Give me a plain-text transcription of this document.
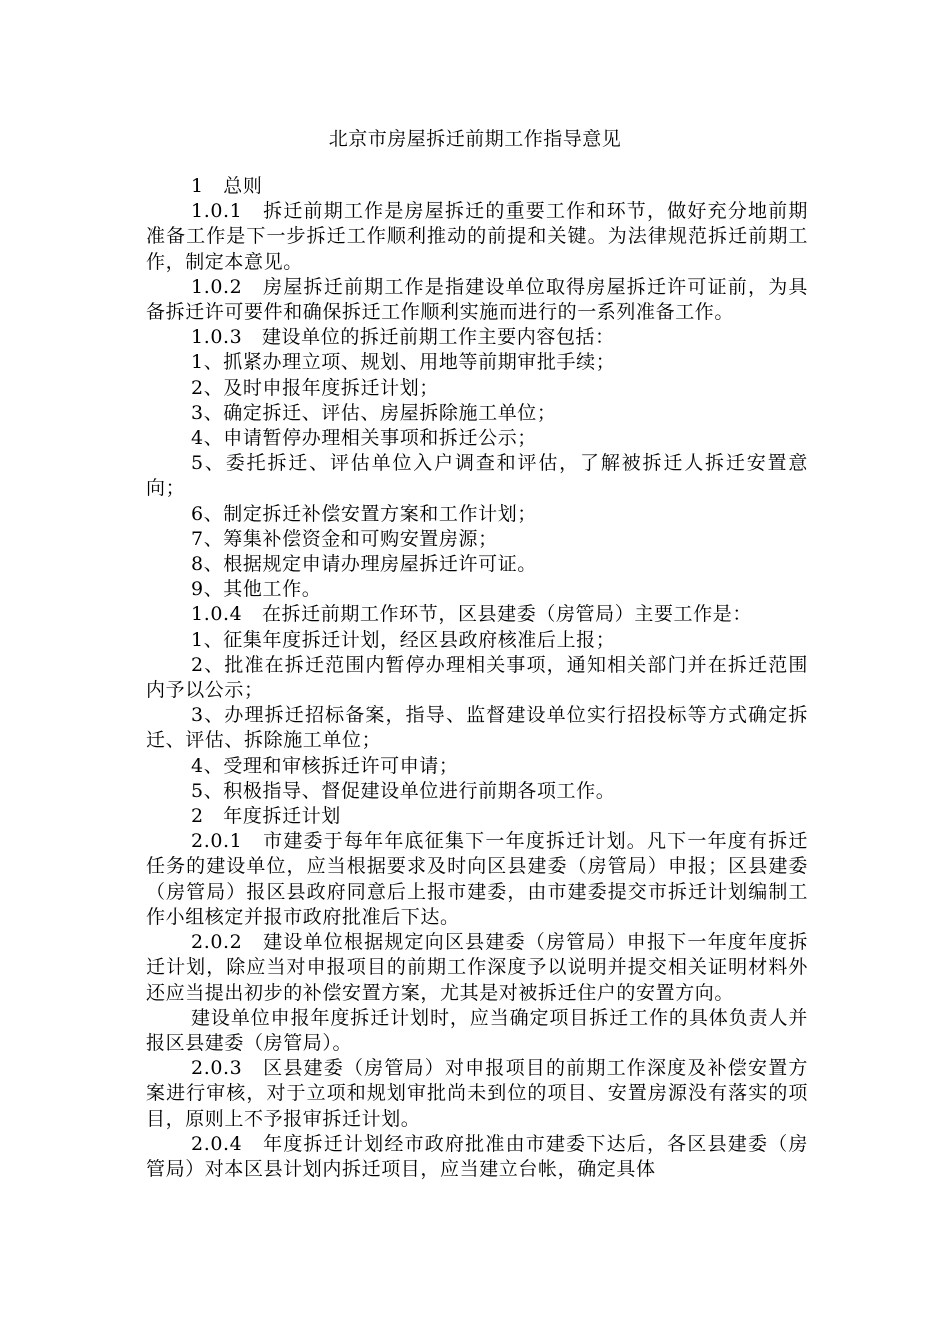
北京市房屋拆迁前期工作指导意见

1　总则

1.0.1　拆迁前期工作是房屋拆迁的重要工作和环节，做好充分地前期准备工作是下一步拆迁工作顺利推动的前提和关键。为法律规范拆迁前期工作，制定本意见。

1.0.2　房屋拆迁前期工作是指建设单位取得房屋拆迁许可证前，为具备拆迁许可要件和确保拆迁工作顺利实施而进行的一系列准备工作。

1.0.3　建设单位的拆迁前期工作主要内容包括：

1、抓紧办理立项、规划、用地等前期审批手续；

2、及时申报年度拆迁计划；

3、确定拆迁、评估、房屋拆除施工单位；

4、申请暂停办理相关事项和拆迁公示；

5、委托拆迁、评估单位入户调查和评估，了解被拆迁人拆迁安置意向；

6、制定拆迁补偿安置方案和工作计划；

7、筹集补偿资金和可购安置房源；

8、根据规定申请办理房屋拆迁许可证。

9、其他工作。

1.0.4　在拆迁前期工作环节，区县建委（房管局）主要工作是：

1、征集年度拆迁计划，经区县政府核准后上报；

2、批准在拆迁范围内暂停办理相关事项，通知相关部门并在拆迁范围内予以公示；

3、办理拆迁招标备案，指导、监督建设单位实行招投标等方式确定拆迁、评估、拆除施工单位；

4、受理和审核拆迁许可申请；

5、积极指导、督促建设单位进行前期各项工作。

2　年度拆迁计划

2.0.1　市建委于每年年底征集下一年度拆迁计划。凡下一年度有拆迁任务的建设单位，应当根据要求及时向区县建委（房管局）申报；区县建委（房管局）报区县政府同意后上报市建委，由市建委提交市拆迁计划编制工作小组核定并报市政府批准后下达。

2.0.2　建设单位根据规定向区县建委（房管局）申报下一年度年度拆迁计划，除应当对申报项目的前期工作深度予以说明并提交相关证明材料外还应当提出初步的补偿安置方案，尤其是对被拆迁住户的安置方向。

建设单位申报年度拆迁计划时，应当确定项目拆迁工作的具体负责人并报区县建委（房管局）。

2.0.3　区县建委（房管局）对申报项目的前期工作深度及补偿安置方案进行审核，对于立项和规划审批尚未到位的项目、安置房源没有落实的项目，原则上不予报审拆迁计划。

2.0.4　年度拆迁计划经市政府批准由市建委下达后，各区县建委（房管局）对本区县计划内拆迁项目，应当建立台帐，确定具体
